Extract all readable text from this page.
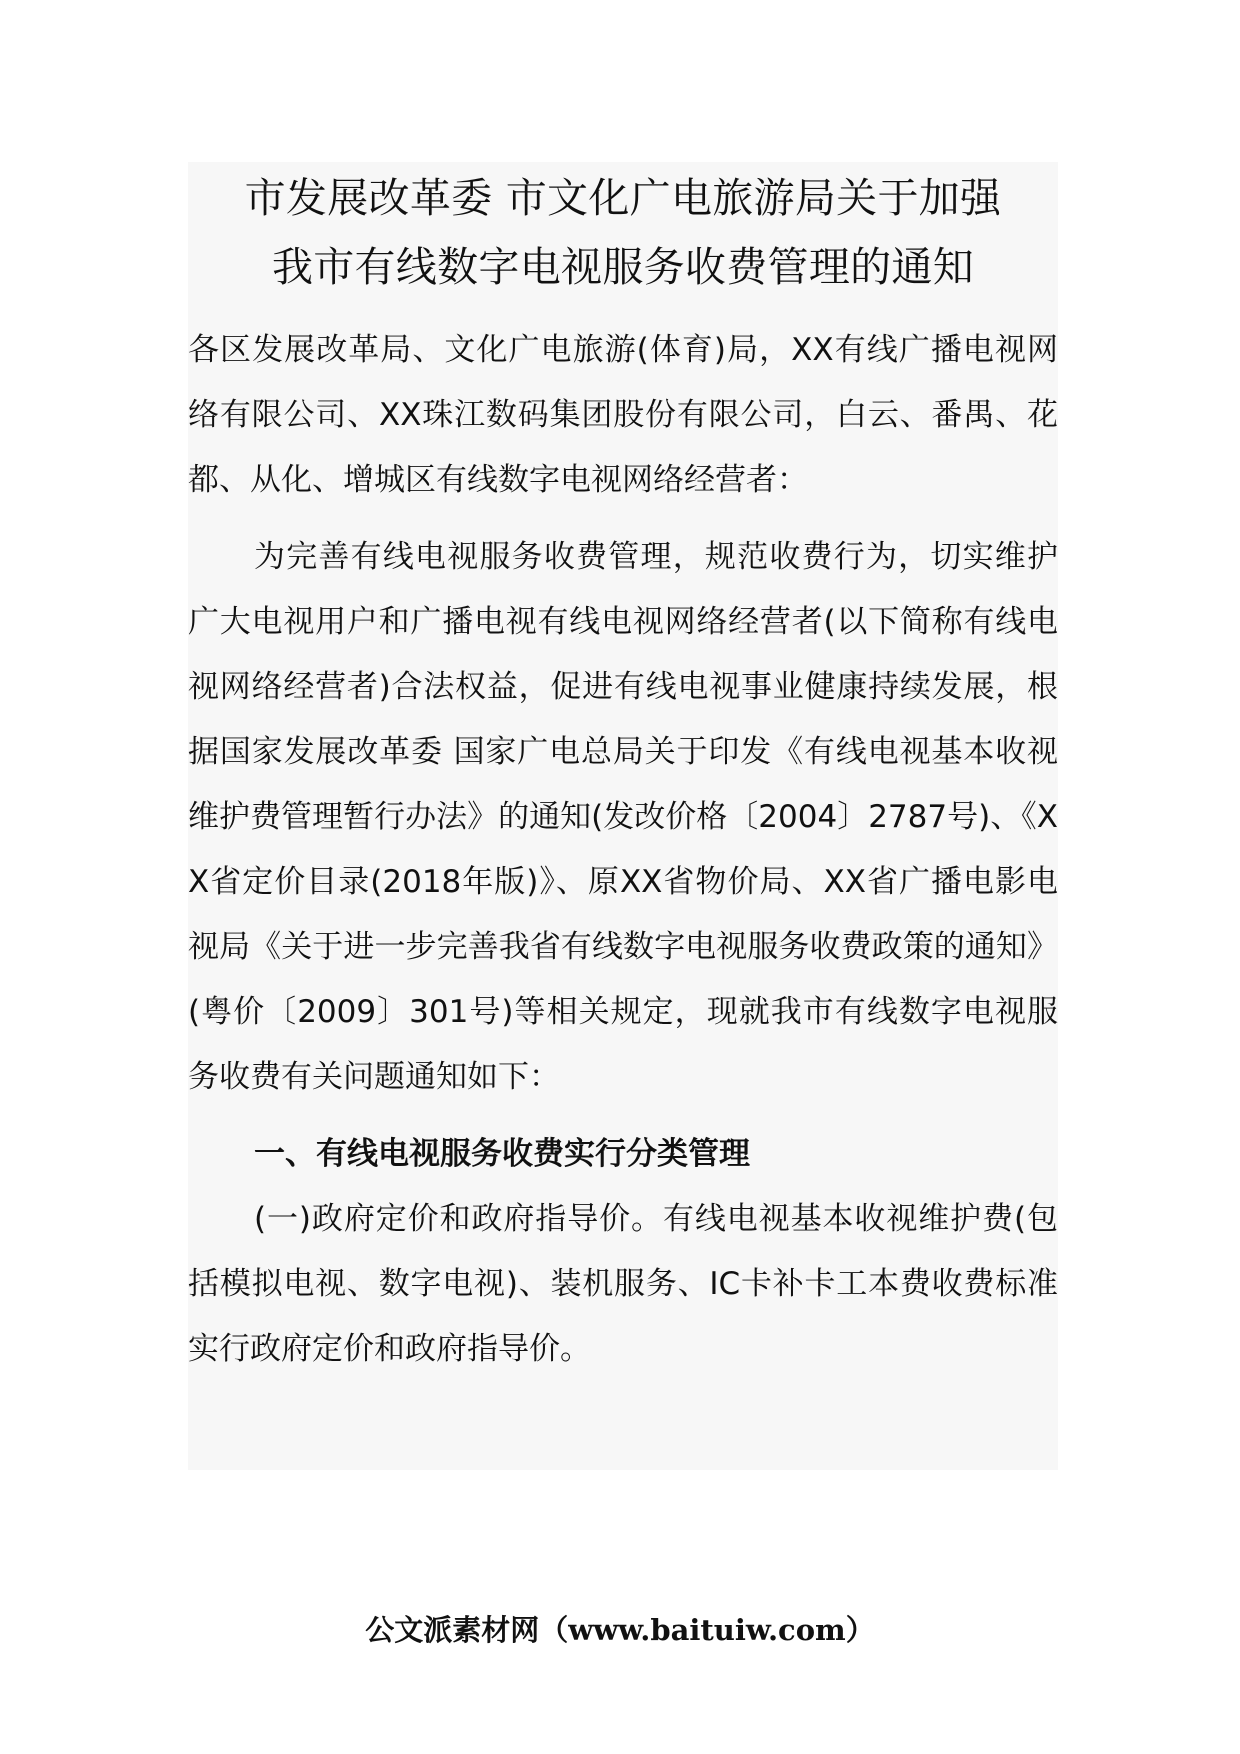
市发展改革委 市文化广电旅游局关于加强
我市有线数字电视服务收费管理的通知

各区发展改革局、文化广电旅游(体育)局，XX有线广播电视网络有限公司、XX珠江数码集团股份有限公司，白云、番禺、花都、从化、增城区有线数字电视网络经营者：

为完善有线电视服务收费管理，规范收费行为，切实维护广大电视用户和广播电视有线电视网络经营者(以下简称有线电视网络经营者)合法权益，促进有线电视事业健康持续发展，根据国家发展改革委 国家广电总局关于印发《有线电视基本收视维护费管理暂行办法》的通知(发改价格〔2004〕2787号)、《XX省定价目录(2018年版)》、原XX省物价局、XX省广播电影电视局《关于进一步完善我省有线数字电视服务收费政策的通知》(粤价〔2009〕301号)等相关规定，现就我市有线数字电视服务收费有关问题通知如下：

一、有线电视服务收费实行分类管理

(一)政府定价和政府指导价。有线电视基本收视维护费(包括模拟电视、数字电视)、装机服务、IC卡补卡工本费收费标准实行政府定价和政府指导价。

公文派素材网（www.baituiw.com）
